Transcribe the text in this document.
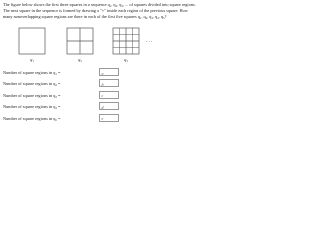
The figure below shows the first three squares in a sequence q₁, q₂, q₃, ... of squares divided into square regions. The next square in the sequence is formed by drawing a "+" inside each region of the previous square. How many nonoverlapping square regions are there in each of the first five squares q₁, q₂, q₃, q₄, q₅?

. . .
q₁	q₂	q₃
Number of square regions in q₁ =	a
Number of square regions in q₂ =	b
Number of square regions in q₃ =	c
Number of square regions in q₄ =	d
Number of square regions in q₅ =	e
